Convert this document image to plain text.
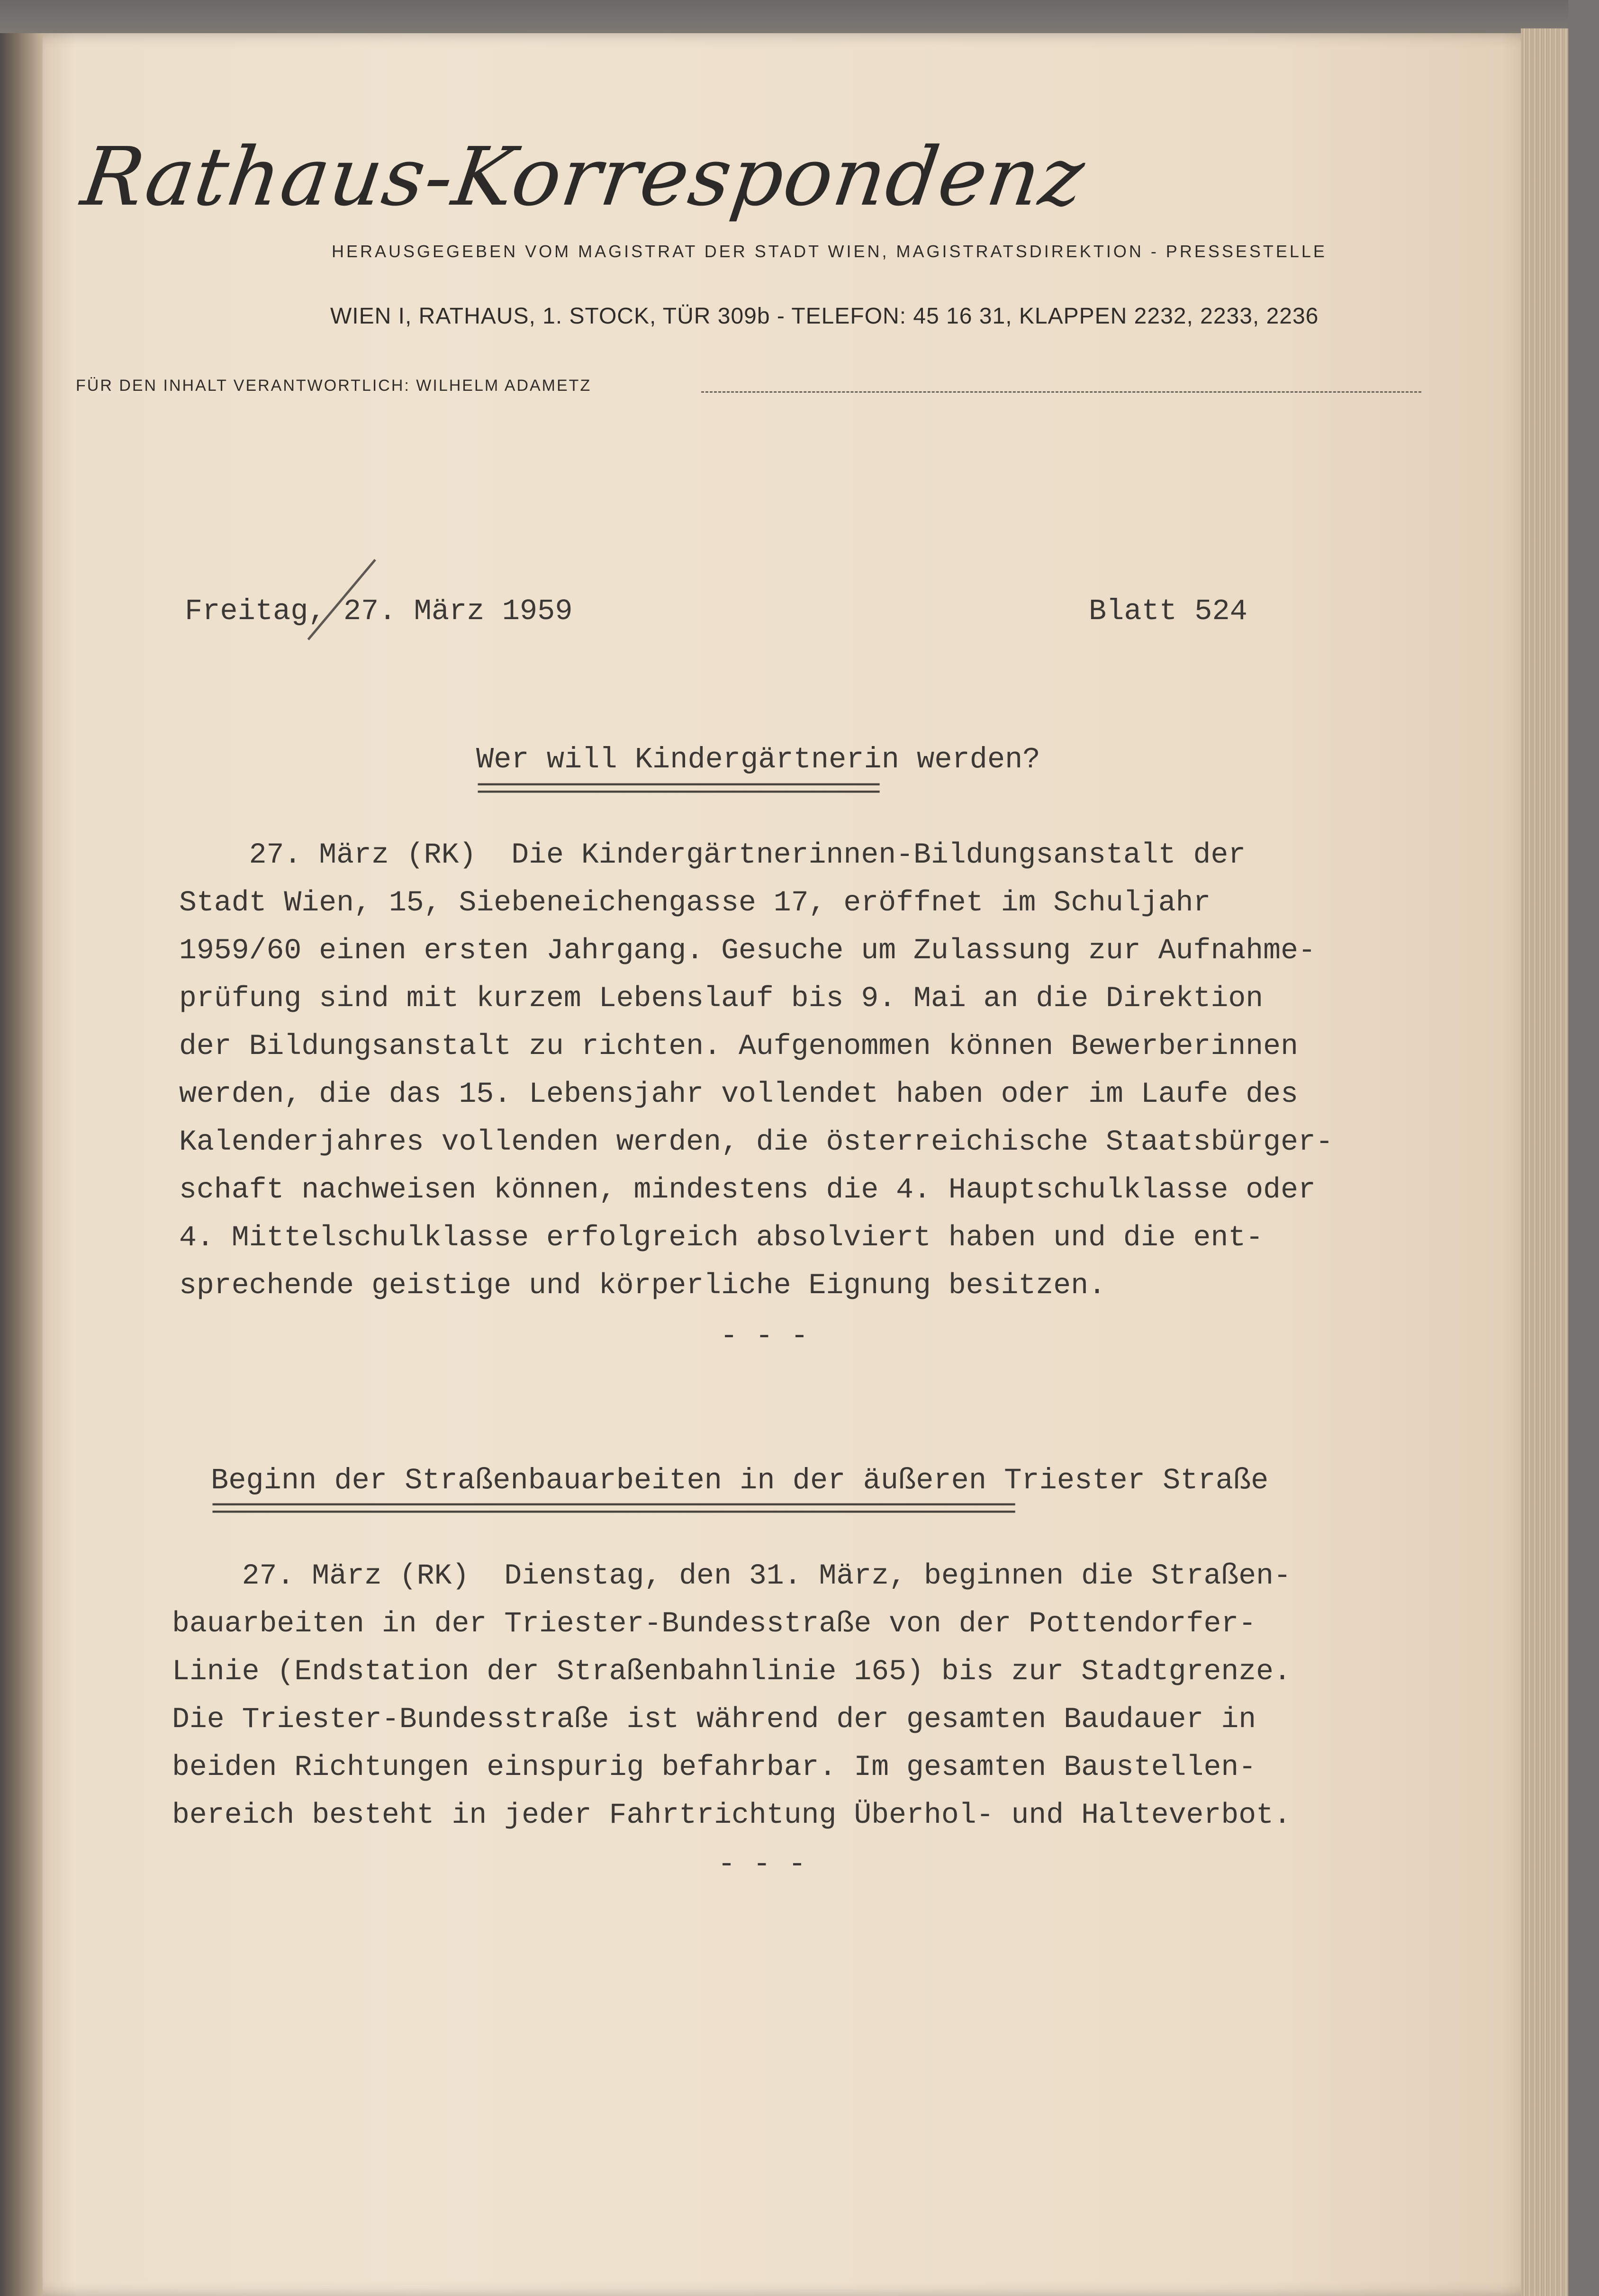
Rathaus-Korrespondenz
HERAUSGEGEBEN VOM MAGISTRAT DER STADT WIEN, MAGISTRATSDIREKTION - PRESSESTELLE
WIEN I, RATHAUS, 1. STOCK, TÜR 309b - TELEFON: 45 16 31, KLAPPEN 2232, 2233, 2236
FÜR DEN INHALT VERANTWORTLICH: WILHELM ADAMETZ
Freitag, 27. März 1959	Blatt 524
Wer will Kindergärtnerin werden?
==============================
27. März (RK)  Die Kindergärtnerinnen-Bildungsanstalt der
Stadt Wien, 15, Siebeneichengasse 17, eröffnet im Schuljahr
1959/60 einen ersten Jahrgang. Gesuche um Zulassung zur Aufnahme-
prüfung sind mit kurzem Lebenslauf bis 9. Mai an die Direktion
der Bildungsanstalt zu richten. Aufgenommen können Bewerberinnen
werden, die das 15. Lebensjahr vollendet haben oder im Laufe des
Kalenderjahres vollenden werden, die österreichische Staatsbürger-
schaft nachweisen können, mindestens die 4. Hauptschulklasse oder
4. Mittelschulklasse erfolgreich absolviert haben und die ent-
sprechende geistige und körperliche Eignung besitzen.
- - -
Beginn der Straßenbauarbeiten in der äußeren Triester Straße
============================================================
27. März (RK)  Dienstag, den 31. März, beginnen die Straßen-
bauarbeiten in der Triester-Bundesstraße von der Pottendorfer-
Linie (Endstation der Straßenbahnlinie 165) bis zur Stadtgrenze.
Die Triester-Bundesstraße ist während der gesamten Baudauer in
beiden Richtungen einspurig befahrbar. Im gesamten Baustellen-
bereich besteht in jeder Fahrtrichtung Überhol- und Halteverbot.
- - -
